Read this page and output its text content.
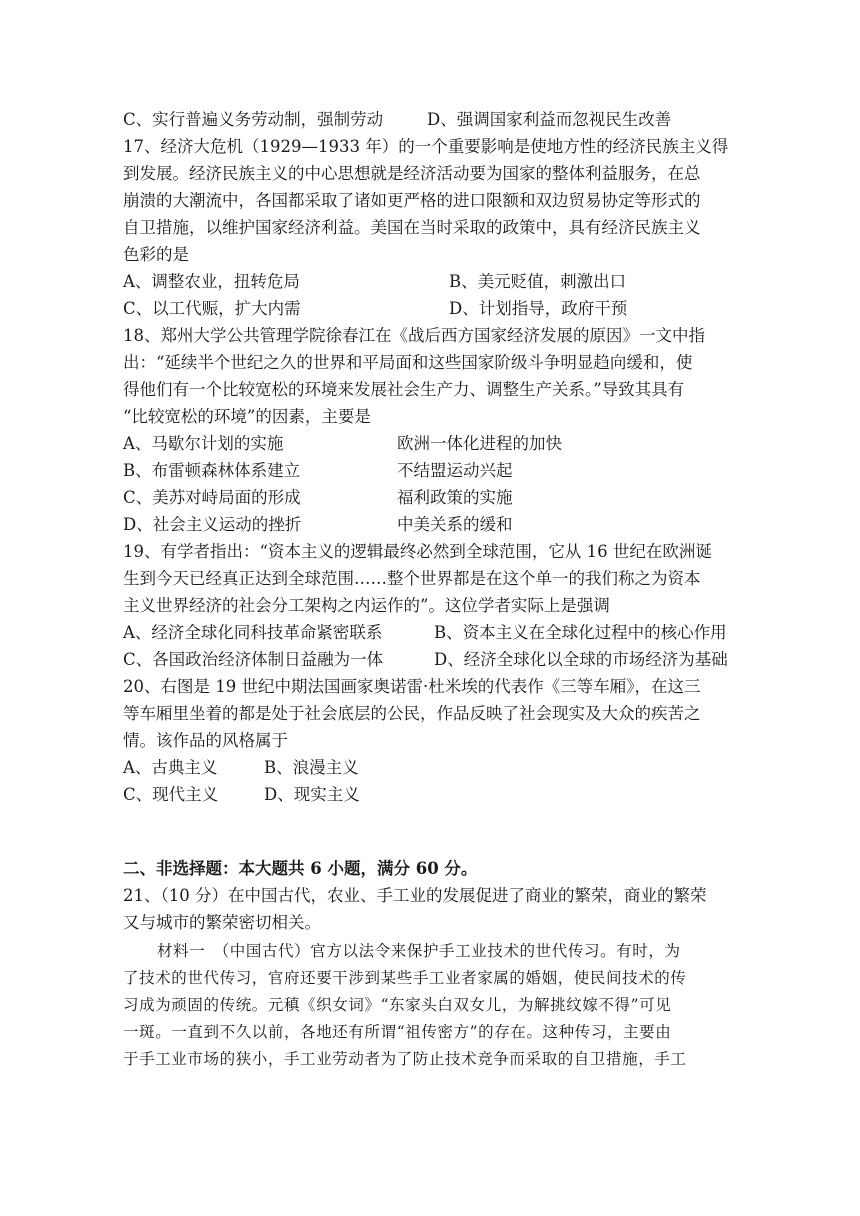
C、实行普遍义务劳动制，强制劳动	D、强调国家利益而忽视民生改善
17、经济大危机（1929—1933 年）的一个重要影响是使地方性的经济民族主义得
到发展。经济民族主义的中心思想就是经济活动要为国家的整体利益服务，在总
崩溃的大潮流中，各国都采取了诸如更严格的进口限额和双边贸易协定等形式的
自卫措施，以维护国家经济利益。美国在当时采取的政策中，具有经济民族主义
色彩的是
A、调整农业，扭转危局	B、美元贬值，刺激出口
C、以工代赈，扩大内需	D、计划指导，政府干预
18、郑州大学公共管理学院徐春江在《战后西方国家经济发展的原因》一文中指
出：“延续半个世纪之久的世界和平局面和这些国家阶级斗争明显趋向缓和，使
得他们有一个比较宽松的环境来发展社会生产力、调整生产关系。”导致其具有
“比较宽松的环境”的因素，主要是
A、马歇尔计划的实施	欧洲一体化进程的加快
B、布雷顿森林体系建立	不结盟运动兴起
C、美苏对峙局面的形成	福利政策的实施
D、社会主义运动的挫折	中美关系的缓和
19、有学者指出：“资本主义的逻辑最终必然到全球范围，它从 16 世纪在欧洲诞
生到今天已经真正达到全球范围……整个世界都是在这个单一的我们称之为资本
主义世界经济的社会分工架构之内运作的”。这位学者实际上是强调
A、经济全球化同科技革命紧密联系	B、资本主义在全球化过程中的核心作用
C、各国政治经济体制日益融为一体	D、经济全球化以全球的市场经济为基础
20、右图是 19 世纪中期法国画家奥诺雷·杜米埃的代表作《三等车厢》，在这三
等车厢里坐着的都是处于社会底层的公民，作品反映了社会现实及大众的疾苦之
情。该作品的风格属于
A、古典主义	B、浪漫主义
C、现代主义	D、现实主义
二、非选择题：本大题共 6 小题，满分 60 分。
21、（10 分）在中国古代，农业、手工业的发展促进了商业的繁荣，商业的繁荣
又与城市的繁荣密切相关。
材料一　（中国古代）官方以法令来保护手工业技术的世代传习。有时，为
了技术的世代传习，官府还要干涉到某些手工业者家属的婚姻，使民间技术的传
习成为顽固的传统。元稹《织女词》“东家头白双女儿，为解挑纹嫁不得”可见
一斑。一直到不久以前，各地还有所谓“祖传密方”的存在。这种传习，主要由
于手工业市场的狭小，手工业劳动者为了防止技术竞争而采取的自卫措施，手工
